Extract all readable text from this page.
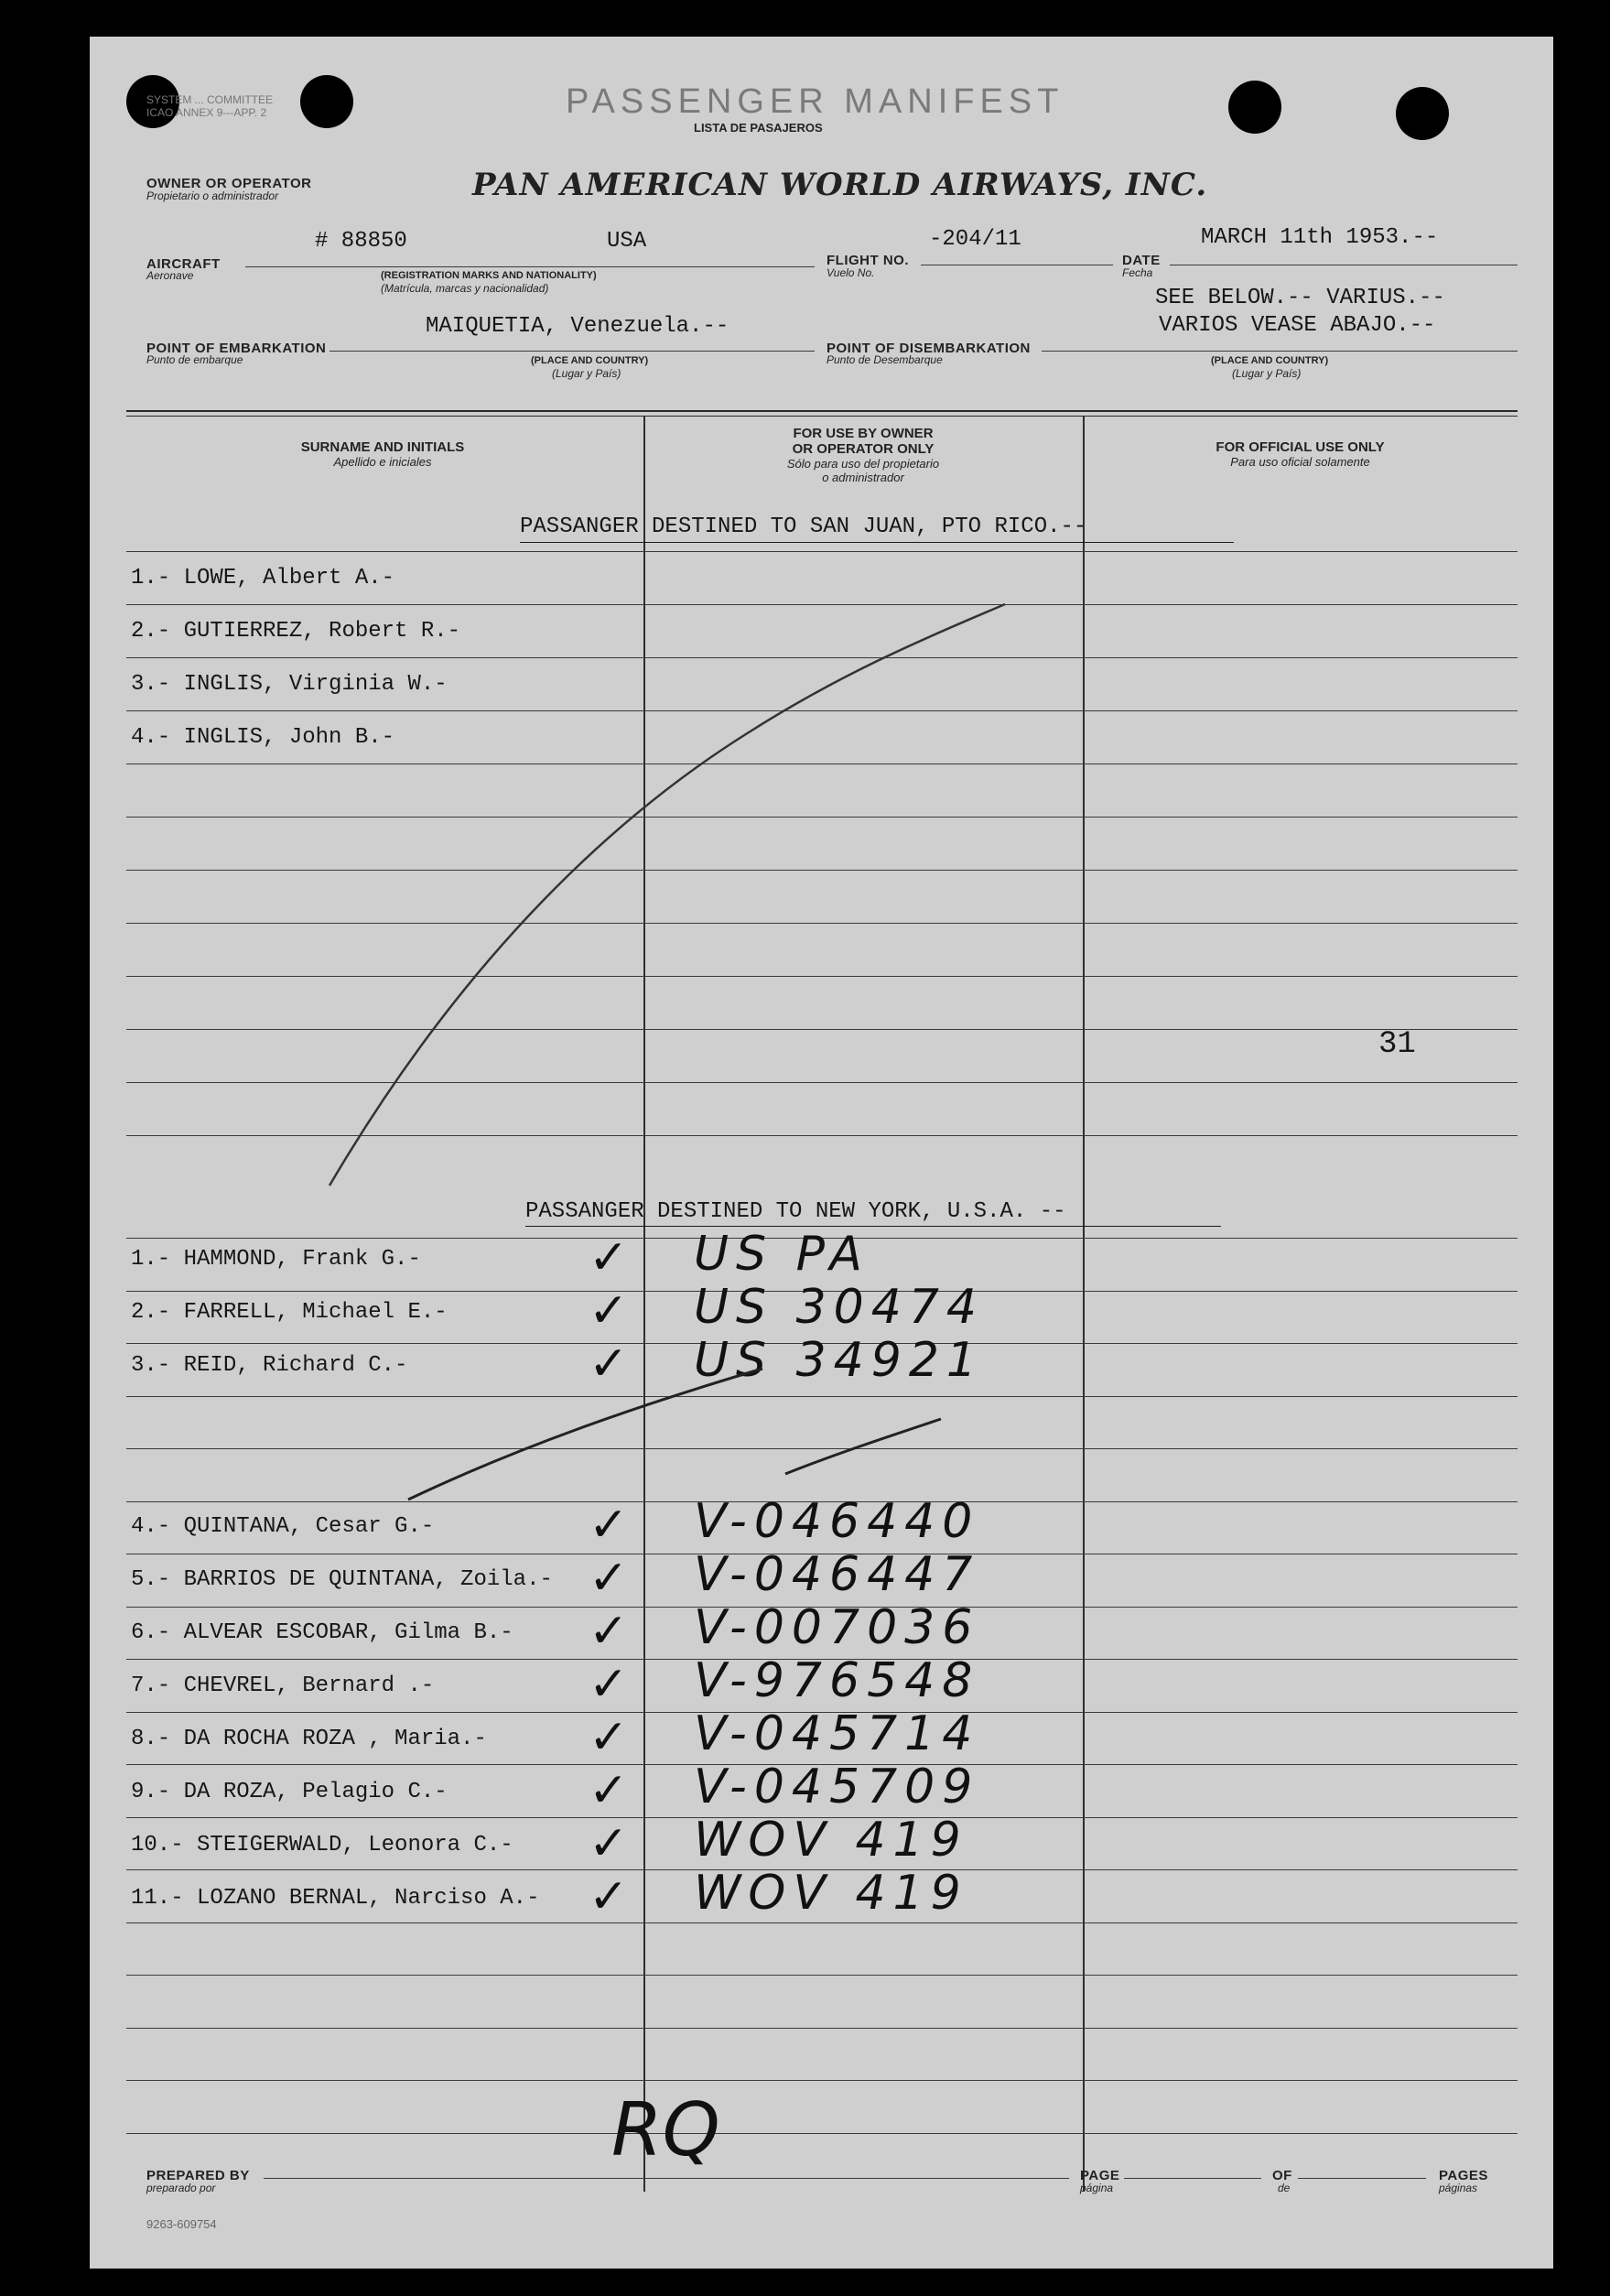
SYSTEM ... COMMITTEE
ICAO ANNEX 9---APP. 2	PASSENGER MANIFEST
LISTA DE PASAJEROS
OWNER OR OPERATOR
Propietario o administrador	PAN AMERICAN WORLD AIRWAYS, INC.
# 88850	USA	-204/11	MARCH 11th 1953.--
AIRCRAFT
Aeronave	(REGISTRATION MARKS AND NATIONALITY)
(Matrícula, marcas y nacionalidad)
FLIGHT NO.
Vuelo No.
DATE
Fecha
SEE BELOW.-- VARIUS.--
MAIQUETIA, Venezuela.--	VARIOS VEASE ABAJO.--
POINT OF EMBARKATION
Punto de embarque	(PLACE AND COUNTRY)
(Lugar y País)
POINT OF DISEMBARKATION
Punto de Desembarque	(PLACE AND COUNTRY)
(Lugar y País)
SURNAME AND INITIALS
Apellido e iniciales
FOR USE BY OWNER
OR OPERATOR ONLY
Sólo para uso del propietario
o administrador
FOR OFFICIAL USE ONLY
Para uso oficial solamente
PASSANGER DESTINED TO SAN JUAN, PTO RICO.--
1.- LOWE, Albert A.-
2.- GUTIERREZ, Robert R.-
3.- INGLIS, Virginia W.-
4.- INGLIS, John B.-
31
PASSANGER DESTINED TO NEW YORK, U.S.A. --
1.- HAMMOND, Frank G.-	✓ US PA
2.- FARRELL, Michael E.-	✓ US 30474
3.- REID, Richard C.-	✓ US 34921
4.- QUINTANA, Cesar G.-	✓ V-046440
5.- BARRIOS DE QUINTANA, Zoila.- ✓ V-046447
6.- ALVEAR ESCOBAR, Gilma B.- ✓ V-007036
7.- CHEVREL, Bernard .-	✓ V-976548
8.- DA ROCHA ROZA , Maria.- ✓ V-045714
9.- DA ROZA, Pelagio C.-	✓ V-045709
10.- STEIGERWALD, Leonora C.- ✓ WOV 419
11.- LOZANO BERNAL, Narciso A.- ✓ WOV 419
PREPARED BY
preparado por
RQ
PAGE
página
OF
de
PAGES
páginas
9263-609754
